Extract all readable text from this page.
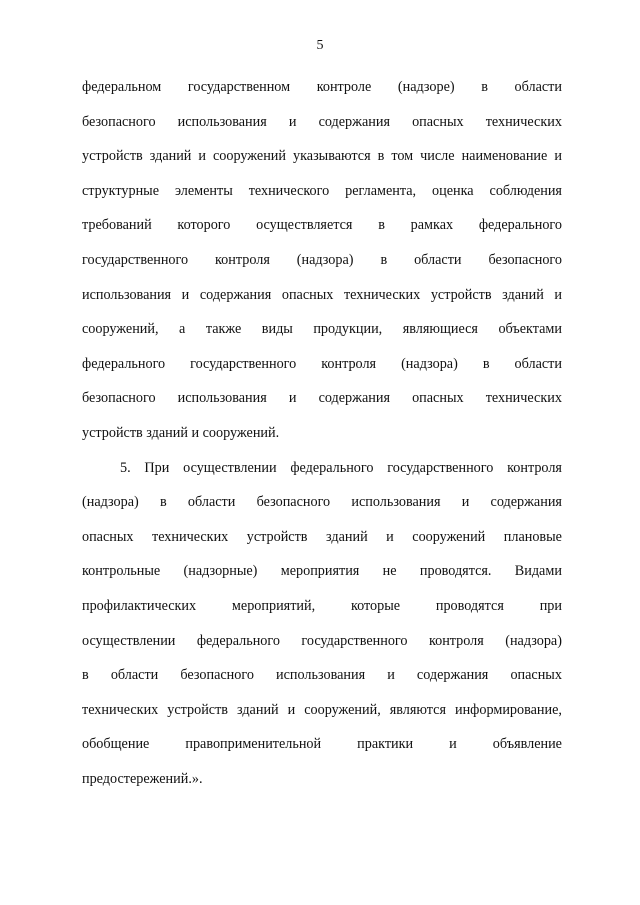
5
федеральном государственном контроле (надзоре) в области
безопасного использования и содержания опасных технических
устройств зданий и сооружений указываются в том числе наименование и
структурные элементы технического регламента, оценка соблюдения
требований которого осуществляется в рамках федерального
государственного контроля (надзора) в области безопасного
использования и содержания опасных технических устройств зданий и
сооружений, а также виды продукции, являющиеся объектами
федерального государственного контроля (надзора) в области
безопасного использования и содержания опасных технических
устройств зданий и сооружений.
5. При осуществлении федерального государственного контроля
(надзора) в области безопасного использования и содержания
опасных технических устройств зданий и сооружений плановые
контрольные (надзорные) мероприятия не проводятся. Видами
профилактических	мероприятий,	которые	проводятся	при
осуществлении федерального государственного контроля (надзора)
в области безопасного использования и содержания опасных
технических устройств зданий и сооружений, являются информирование,
обобщение	правоприменительной	практики	и	объявление
предостережений.».
